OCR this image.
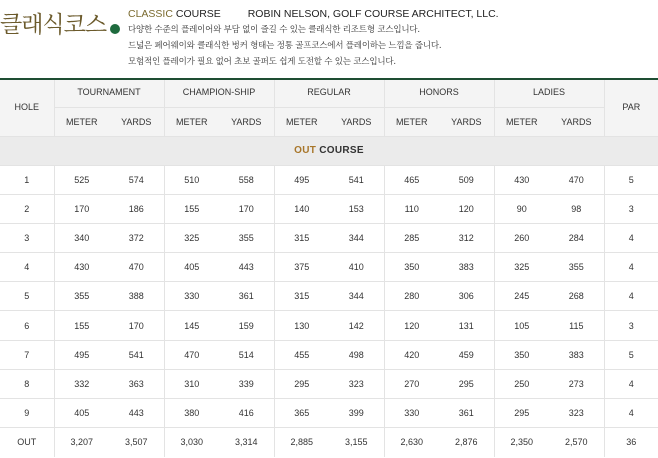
클래식코스	CLASSIC COURSE	ROBIN NELSON, GOLF COURSE ARCHITECT, LLC.
다양한 수준의 플레이어와 부담 없이 즐길 수 있는 클래식한 리조트형 코스입니다.
드넓은 페어웨이와 클래식한 벙커 형태는 정통 골프코스에서 플레이하는 느낌을 줍니다.
모험적인 플레이가 필요 없어 초보 골퍼도 쉽게 도전할 수 있는 코스입니다.
HOLE	TOURNAMENT		CHAMPION-SHIP		REGULAR		HONORS		LADIES		PAR
	METER	YARDS	METER	YARDS	METER	YARDS	METER	YARDS	METER	YARDS	
OUT COURSE											
1	525	574	510	558	495	541	465	509	430	470	5
2	170	186	155	170	140	153	110	120	90	98	3
3	340	372	325	355	315	344	285	312	260	284	4
4	430	470	405	443	375	410	350	383	325	355	4
5	355	388	330	361	315	344	280	306	245	268	4
6	155	170	145	159	130	142	120	131	105	115	3
7	495	541	470	514	455	498	420	459	350	383	5
8	332	363	310	339	295	323	270	295	250	273	4
9	405	443	380	416	365	399	330	361	295	323	4
OUT	3,207	3,507	3,030	3,314	2,885	3,155	2,630	2,876	2,350	2,570	36
